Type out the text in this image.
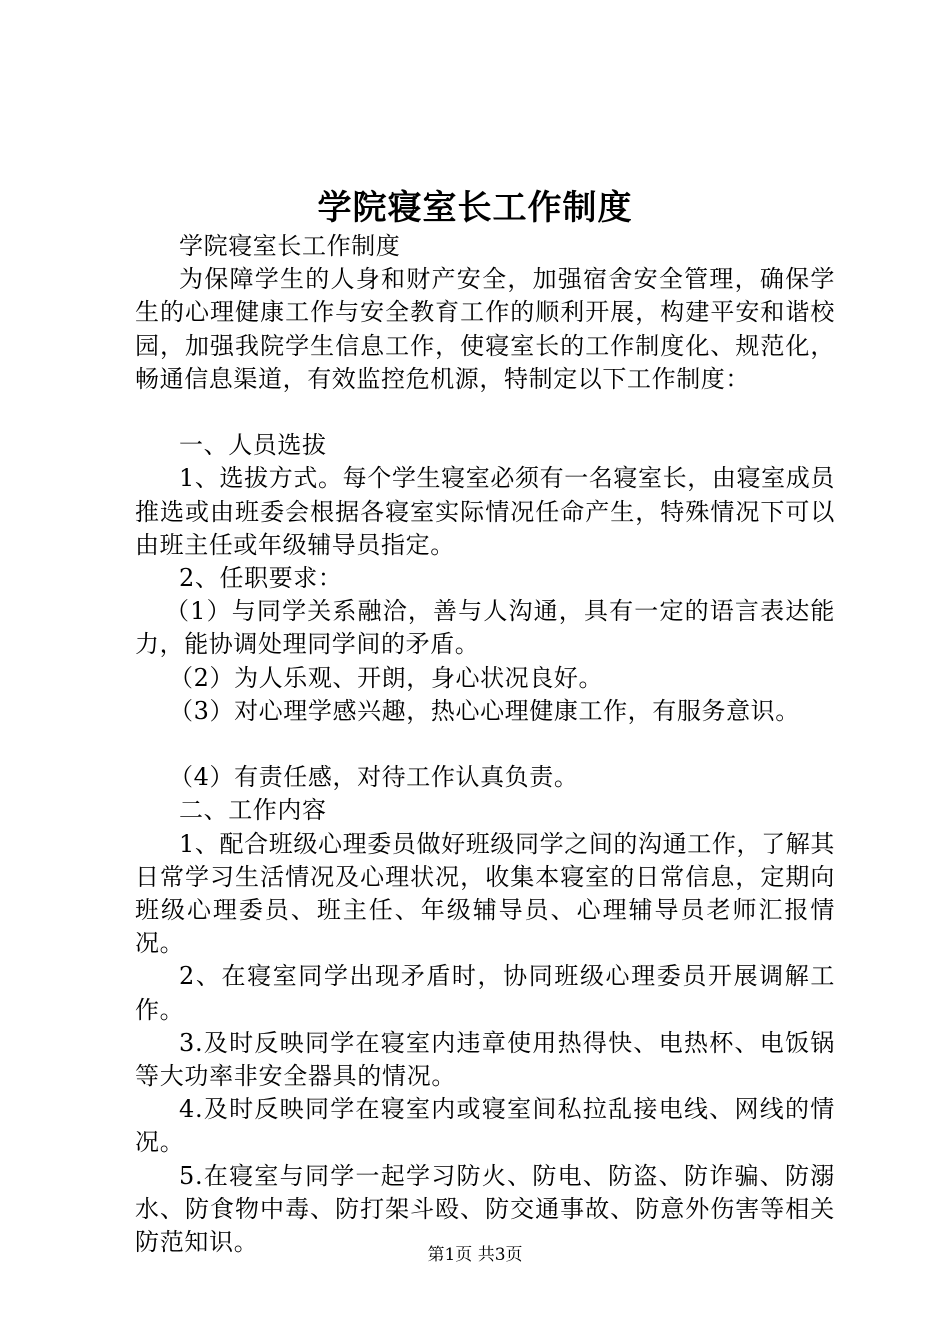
学院寝室长工作制度

学院寝室长工作制度

为保障学生的人身和财产安全，加强宿舍安全管理，确保学生的心理健康工作与安全教育工作的顺利开展，构建平安和谐校园，加强我院学生信息工作，使寝室长的工作制度化、规范化，畅通信息渠道，有效监控危机源，特制定以下工作制度：

一、人员选拔

1、选拔方式。每个学生寝室必须有一名寝室长，由寝室成员推选或由班委会根据各寝室实际情况任命产生，特殊情况下可以由班主任或年级辅导员指定。

2、任职要求：

（1）与同学关系融洽，善与人沟通，具有一定的语言表达能力，能协调处理同学间的矛盾。

（2）为人乐观、开朗，身心状况良好。

（3）对心理学感兴趣，热心心理健康工作，有服务意识。

（4）有责任感，对待工作认真负责。

二、工作内容

1、配合班级心理委员做好班级同学之间的沟通工作，了解其日常学习生活情况及心理状况，收集本寝室的日常信息，定期向班级心理委员、班主任、年级辅导员、心理辅导员老师汇报情况。

2、在寝室同学出现矛盾时，协同班级心理委员开展调解工作。

3.及时反映同学在寝室内违章使用热得快、电热杯、电饭锅等大功率非安全器具的情况。

4.及时反映同学在寝室内或寝室间私拉乱接电线、网线的情况。

5.在寝室与同学一起学习防火、防电、防盗、防诈骗、防溺水、防食物中毒、防打架斗殴、防交通事故、防意外伤害等相关防范知识。	第1页 共3页
